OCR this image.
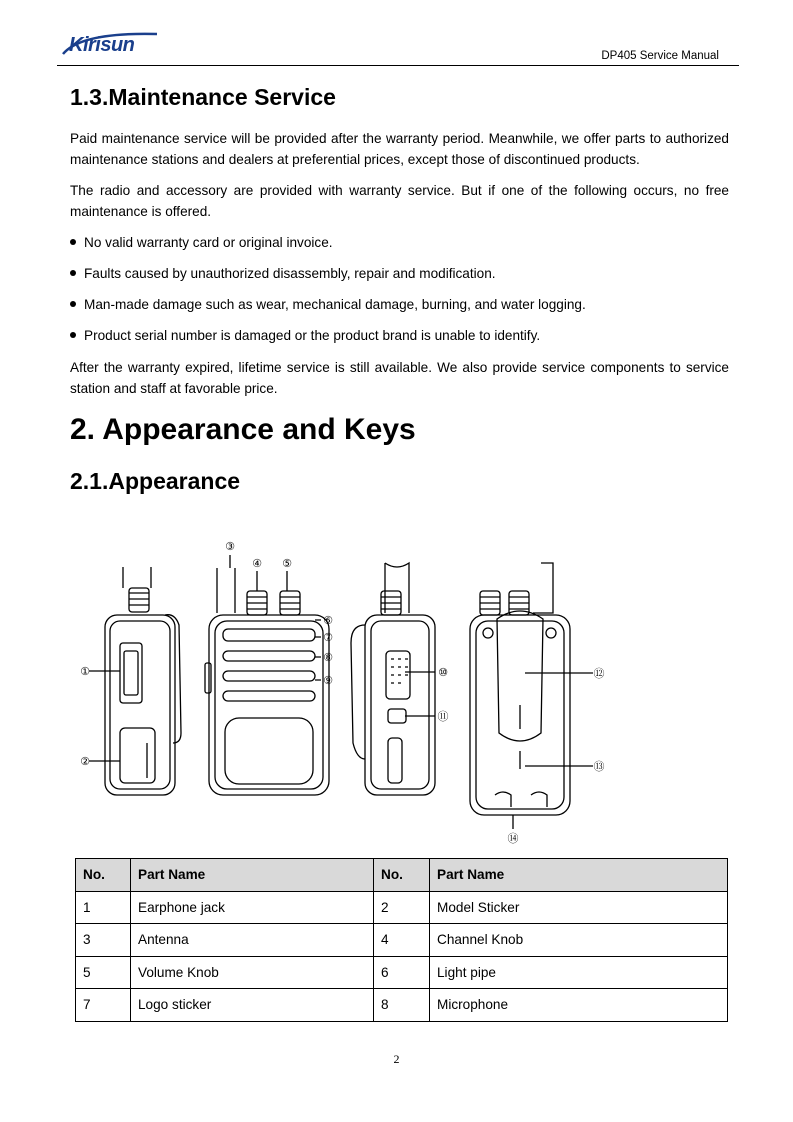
Kirisun	DP405 Service Manual
1.3.Maintenance Service

Paid maintenance service will be provided after the warranty period. Meanwhile, we offer parts to authorized maintenance stations and dealers at preferential prices, except those of discontinued products.

The radio and accessory are provided with warranty service. But if one of the following occurs, no free maintenance is offered.

No valid warranty card or original invoice.
Faults caused by unauthorized disassembly, repair and modification.
Man-made damage such as wear, mechanical damage, burning, and water logging.
Product serial number is damaged or the product brand is unable to identify.

After the warranty expired, lifetime service is still available. We also provide service components to service station and staff at favorable price.

2. Appearance and Keys
2.1.Appearance
①
②
③
④ ⑤
⑥
⑦
⑧
⑨
⑩
⑪
⑫
⑬
⑭
No.	Part Name	No.	Part Name
1	Earphone jack	2	Model Sticker
3	Antenna	4	Channel Knob
5	Volume Knob	6	Light pipe
7	Logo sticker	8	Microphone
2
